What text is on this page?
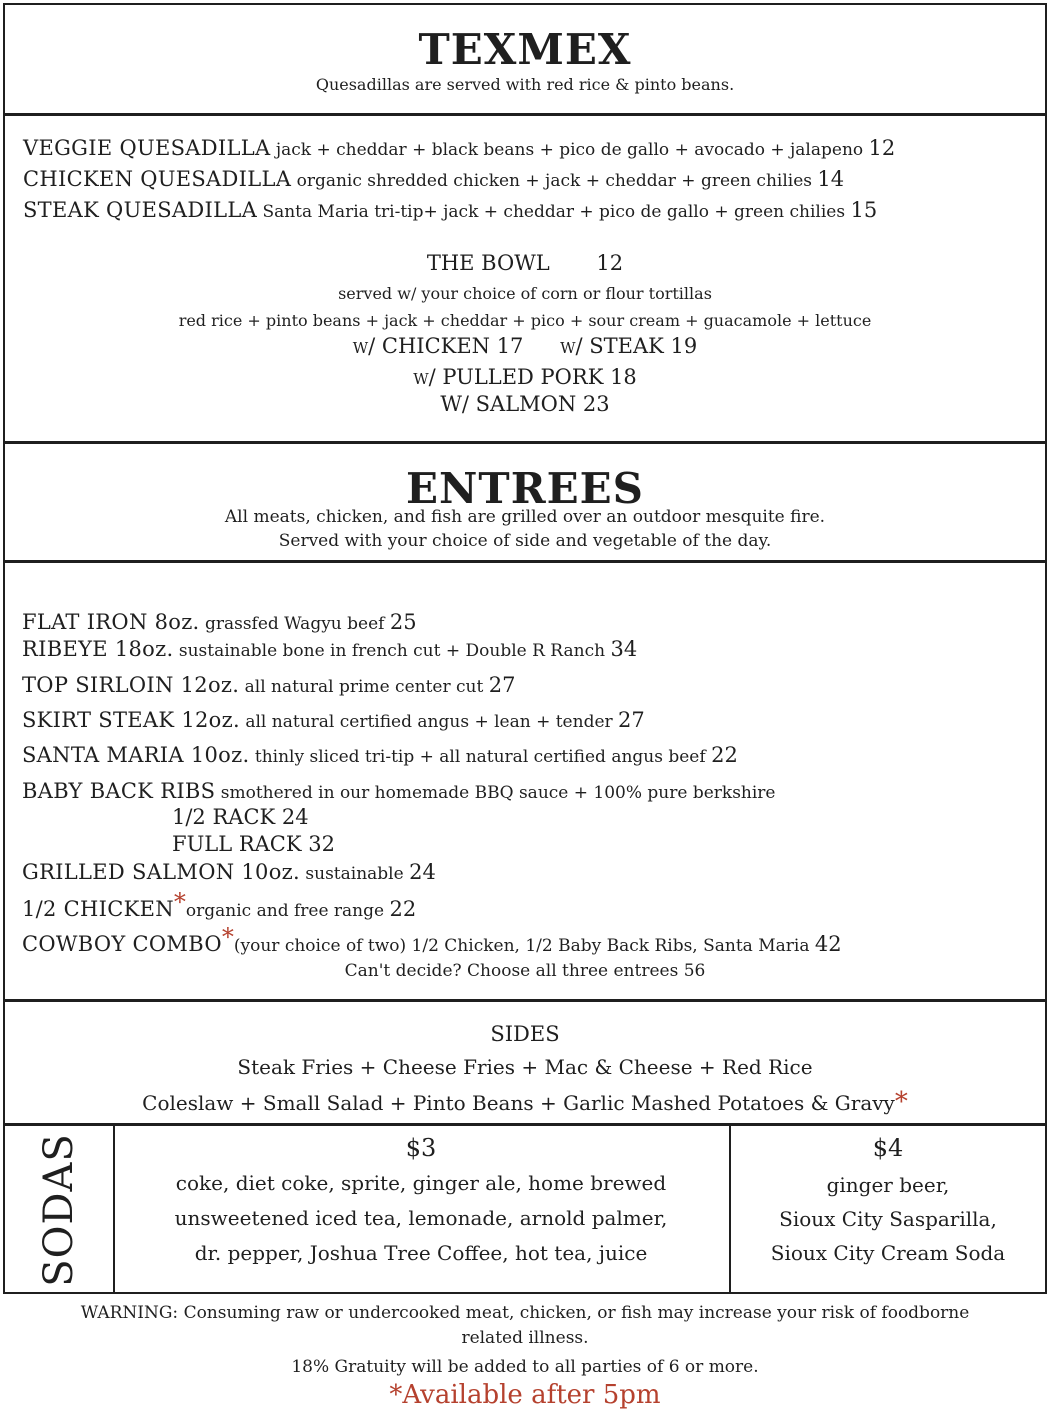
TEXMEX
Quesadillas are served with red rice & pinto beans.
VEGGIE QUESADILLA jack + cheddar + black beans + pico de gallo + avocado + jalapeno 12
CHICKEN QUESADILLA organic shredded chicken + jack + cheddar + green chilies 14
STEAK QUESADILLA Santa Maria tri-tip+ jack + cheddar + pico de gallo + green chilies 15
THE BOWL 12
served w/ your choice of corn or flour tortillas
red rice + pinto beans + jack + cheddar + pico + sour cream + guacamole + lettuce
w/ CHICKEN 17 w/ STEAK 19
w/ PULLED PORK 18
W/ SALMON 23
ENTREES
All meats, chicken, and fish are grilled over an outdoor mesquite fire.
Served with your choice of side and vegetable of the day.
FLAT IRON 8oz. grassfed Wagyu beef 25
RIBEYE 18oz. sustainable bone in french cut + Double R Ranch 34
TOP SIRLOIN 12oz. all natural prime center cut 27
SKIRT STEAK 12oz. all natural certified angus + lean + tender 27
SANTA MARIA 10oz. thinly sliced tri-tip + all natural certified angus beef 22
BABY BACK RIBS smothered in our homemade BBQ sauce + 100% pure berkshire
1/2 RACK 24
FULL RACK 32
GRILLED SALMON 10oz. sustainable 24
1/2 CHICKEN*organic and free range 22
COWBOY COMBO*(your choice of two) 1/2 Chicken, 1/2 Baby Back Ribs, Santa Maria 42
Can't decide? Choose all three entrees 56
SIDES
Steak Fries + Cheese Fries + Mac & Cheese + Red Rice
Coleslaw + Small Salad + Pinto Beans + Garlic Mashed Potatoes & Gravy*
SODAS	$3
coke, diet coke, sprite, ginger ale, home brewed
unsweetened iced tea, lemonade, arnold palmer,
dr. pepper, Joshua Tree Coffee, hot tea, juice
$4
ginger beer,
Sioux City Sasparilla,
Sioux City Cream Soda
WARNING: Consuming raw or undercooked meat, chicken, or fish may increase your risk of foodborne
related illness.
18% Gratuity will be added to all parties of 6 or more.
*Available after 5pm
